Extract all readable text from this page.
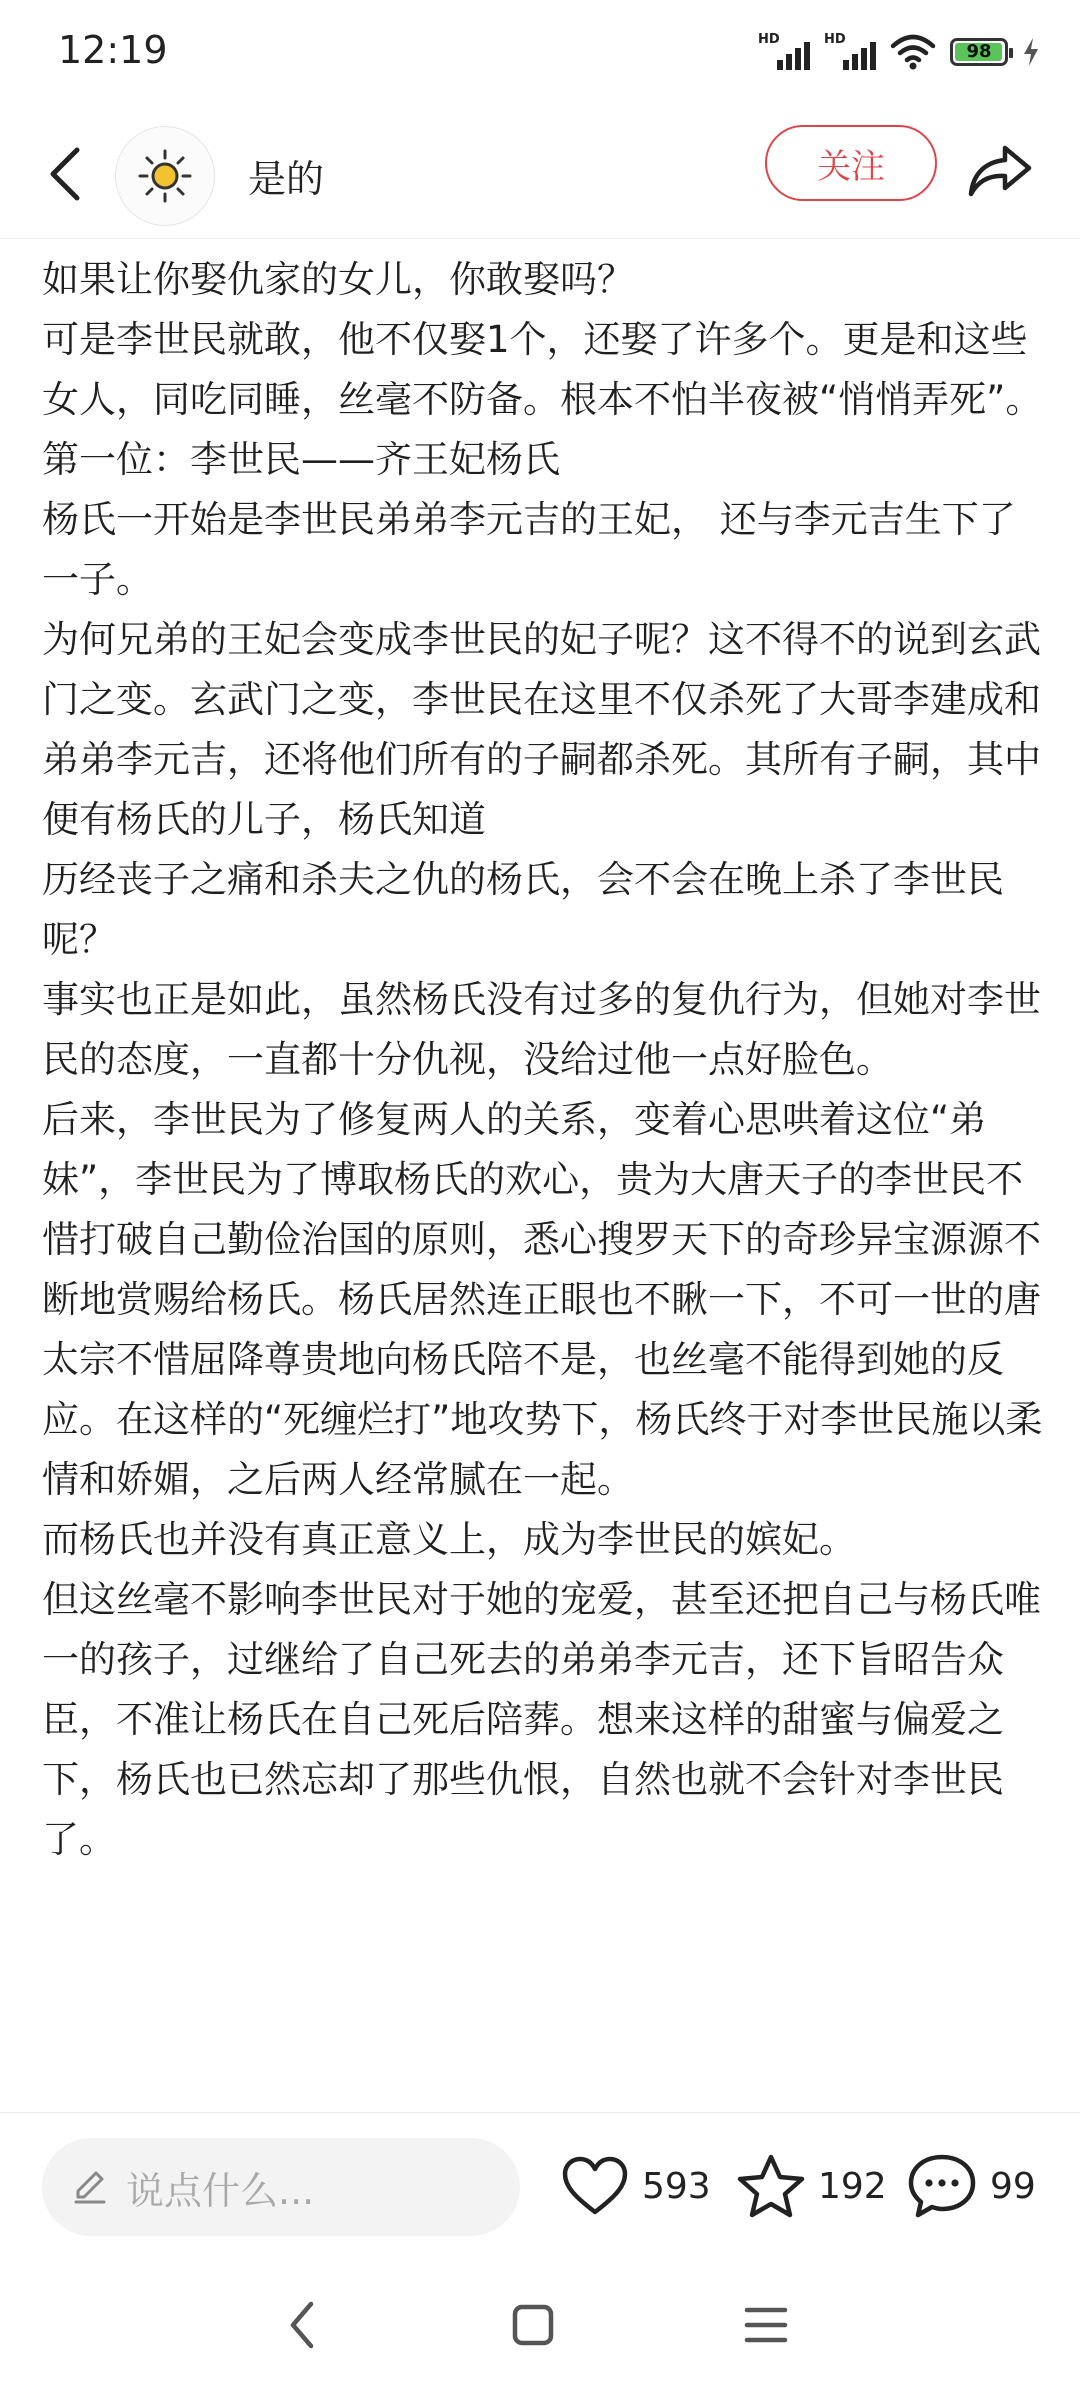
12:19	HD	HD
98
是的	关注

如果让你娶仇家的女儿，你敢娶吗？

可是李世民就敢，他不仅娶1个，还娶了许多个。更是和这些女人，同吃同睡，丝毫不防备。根本不怕半夜被“悄悄弄死”。

第一位：李世民——齐王妃杨氏

杨氏一开始是李世民弟弟李元吉的王妃， 还与李元吉生下了一子。

为何兄弟的王妃会变成李世民的妃子呢？这不得不的说到玄武门之变。玄武门之变，李世民在这里不仅杀死了大哥李建成和弟弟李元吉，还将他们所有的子嗣都杀死。其所有子嗣，其中便有杨氏的儿子，杨氏知道

历经丧子之痛和杀夫之仇的杨氏，会不会在晚上杀了李世民呢？

事实也正是如此，虽然杨氏没有过多的复仇行为，但她对李世民的态度，一直都十分仇视，没给过他一点好脸色。

后来，李世民为了修复两人的关系，变着心思哄着这位“弟妹”，李世民为了博取杨氏的欢心，贵为大唐天子的李世民不惜打破自己勤俭治国的原则，悉心搜罗天下的奇珍异宝源源不断地赏赐给杨氏。杨氏居然连正眼也不瞅一下，不可一世的唐太宗不惜屈降尊贵地向杨氏陪不是，也丝毫不能得到她的反应。在这样的“死缠烂打”地攻势下，杨氏终于对李世民施以柔情和娇媚，之后两人经常腻在一起。

而杨氏也并没有真正意义上，成为李世民的嫔妃。

但这丝毫不影响李世民对于她的宠爱，甚至还把自己与杨氏唯一的孩子，过继给了自己死去的弟弟李元吉，还下旨昭告众臣，不准让杨氏在自己死后陪葬。想来这样的甜蜜与偏爱之下，杨氏也已然忘却了那些仇恨，自然也就不会针对李世民了。

说点什么...	593	192	99
